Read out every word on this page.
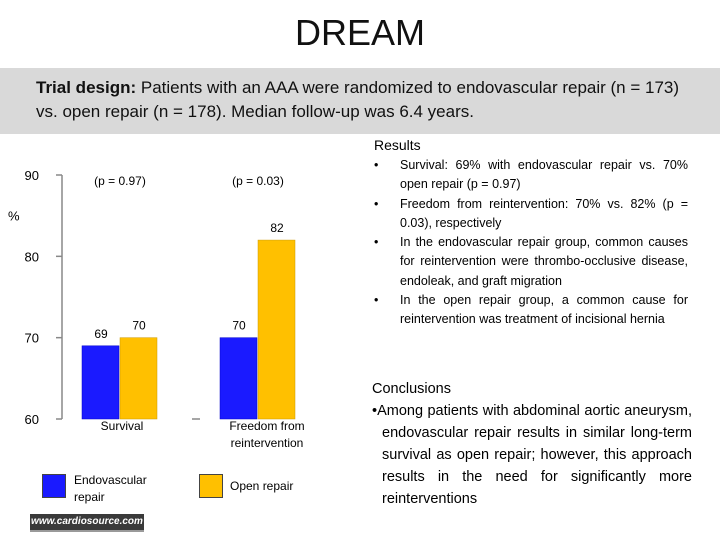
DREAM
Trial design: Patients with an AAA were randomized to endovascular repair (n = 173) vs. open repair (n = 178). Median follow-up was 6.4 years.
Results
• Survival: 69% with endovascular repair vs. 70% open repair (p = 0.97)
• Freedom from reintervention: 70% vs. 82% (p = 0.03), respectively
• In the endovascular repair group, common causes for reintervention were thrombo-occlusive disease, endoleak, and graft migration
• In the open repair group, a common cause for reintervention was treatment of incisional hernia
Conclusions
•Among patients with abdominal aortic aneurysm, endovascular repair results in similar long-term survival as open repair; however, this approach results in the need for significantly more reinterventions
60
70
80
90
%
69
70
(p = 0.97)
Survival
70
82
(p = 0.03)
Freedom from
reintervention
Endovascular repair
Open repair
www.cardiosource.com
